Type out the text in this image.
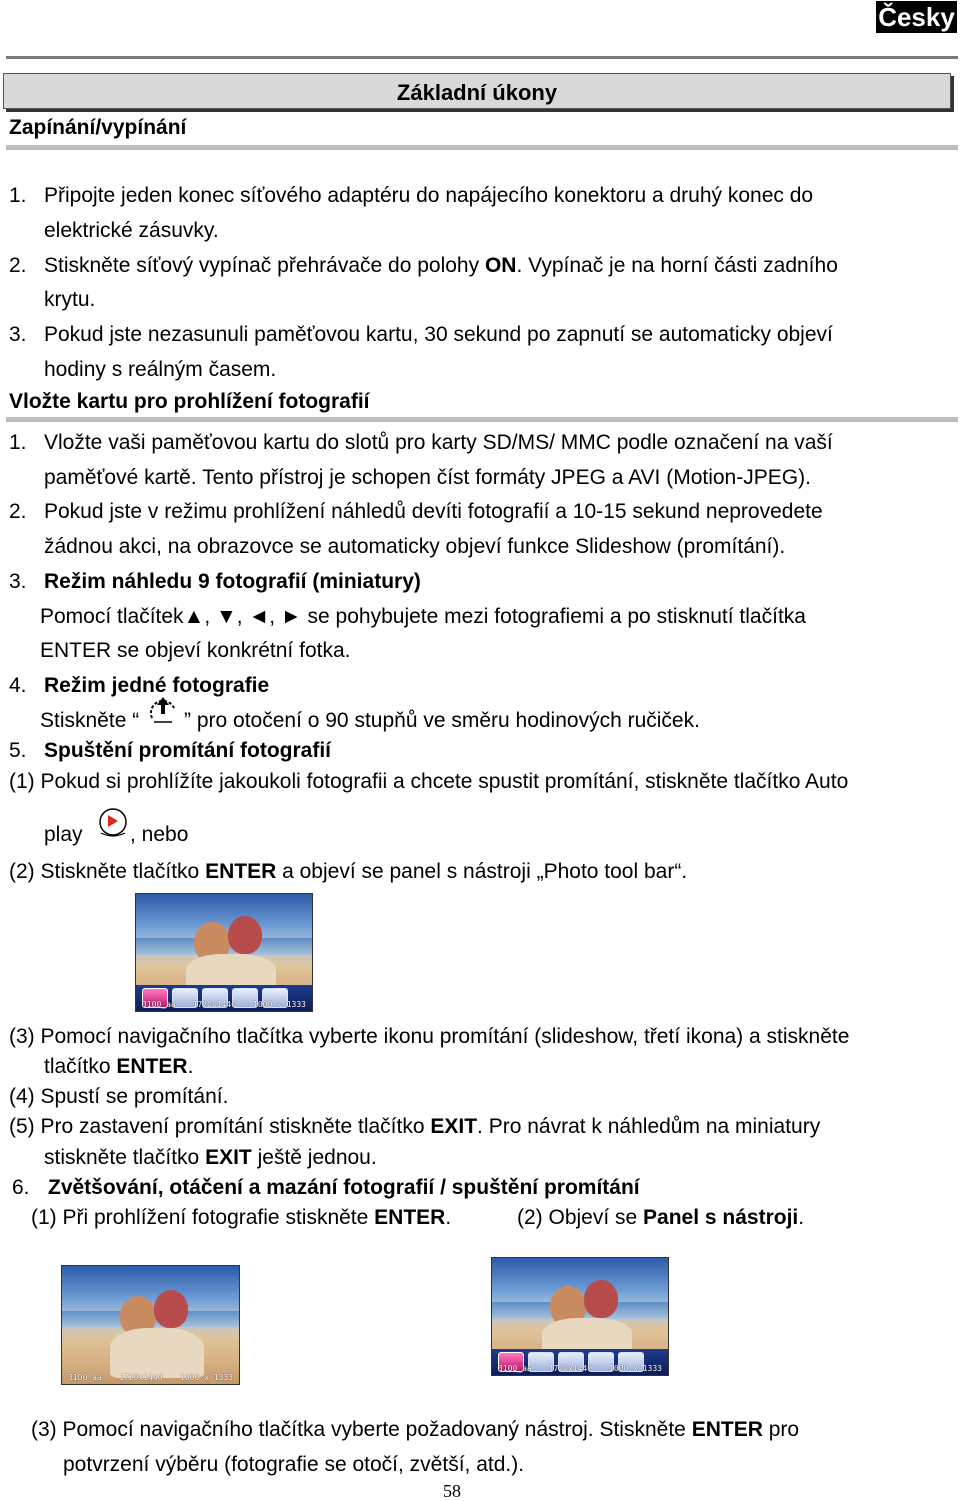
Česky
Základní úkony
Zapínání/vypínání
1. Připojte jeden konec síťového adaptéru do napájecího konektoru a druhý konec do
elektrické zásuvky.
2. Stiskněte síťový vypínač přehrávače do polohy ON. Vypínač je na horní části zadního
krytu.
3. Pokud jste nezasunuli paměťovou kartu, 30 sekund po zapnutí se automaticky objeví
hodiny s reálným časem.
Vložte kartu pro prohlížení fotografií
1. Vložte vaši paměťovou kartu do slotů pro karty SD/MS/ MMC podle označení na vaší
paměťové kartě. Tento přístroj je schopen číst formáty JPEG a AVI (Motion-JPEG).
2. Pokud jste v režimu prohlížení náhledů devíti fotografií a 10-15 sekund neprovedete
žádnou akci, na obrazovce se automaticky objeví funkce Slideshow (promítání).
3. Režim náhledu 9 fotografií (miniatury)
Pomocí tlačítek▲, ▼, ◄, ► se pohybujete mezi fotografiemi a po stisknutí tlačítka
ENTER se objeví konkrétní fotka.
4. Režim jedné fotografie
Stiskněte “ ” pro otočení o 90 stupňů ve směru hodinových ručiček.
5. Spuštění promítání fotografií
(1) Pokud si prohlížíte jakoukoli fotografii a chcete spustit promítání, stiskněte tlačítko Auto
play , nebo
(2) Stiskněte tlačítko ENTER a objeví se panel s nástroji „Photo tool bar“.
3100_aa 1720x1440 1000 x 1333
(3) Pomocí navigačního tlačítka vyberte ikonu promítání (slideshow, třetí ikona) a stiskněte
tlačítko ENTER.
(4) Spustí se promítání.
(5) Pro zastavení promítání stiskněte tlačítko EXIT. Pro návrat k náhledům na miniatury
stiskněte tlačítko EXIT ještě jednou.
6. Zvětšování, otáčení a mazání fotografií / spuštění promítání
(1) Při prohlížení fotografie stiskněte ENTER.	(2) Objeví se Panel s nástroji.
3100_aa 1720x1440 1000 x 1333
3100_aa 1720x1440 1000 x 1333
(3) Pomocí navigačního tlačítka vyberte požadovaný nástroj. Stiskněte ENTER pro
potvrzení výběru (fotografie se otočí, zvětší, atd.).
58
